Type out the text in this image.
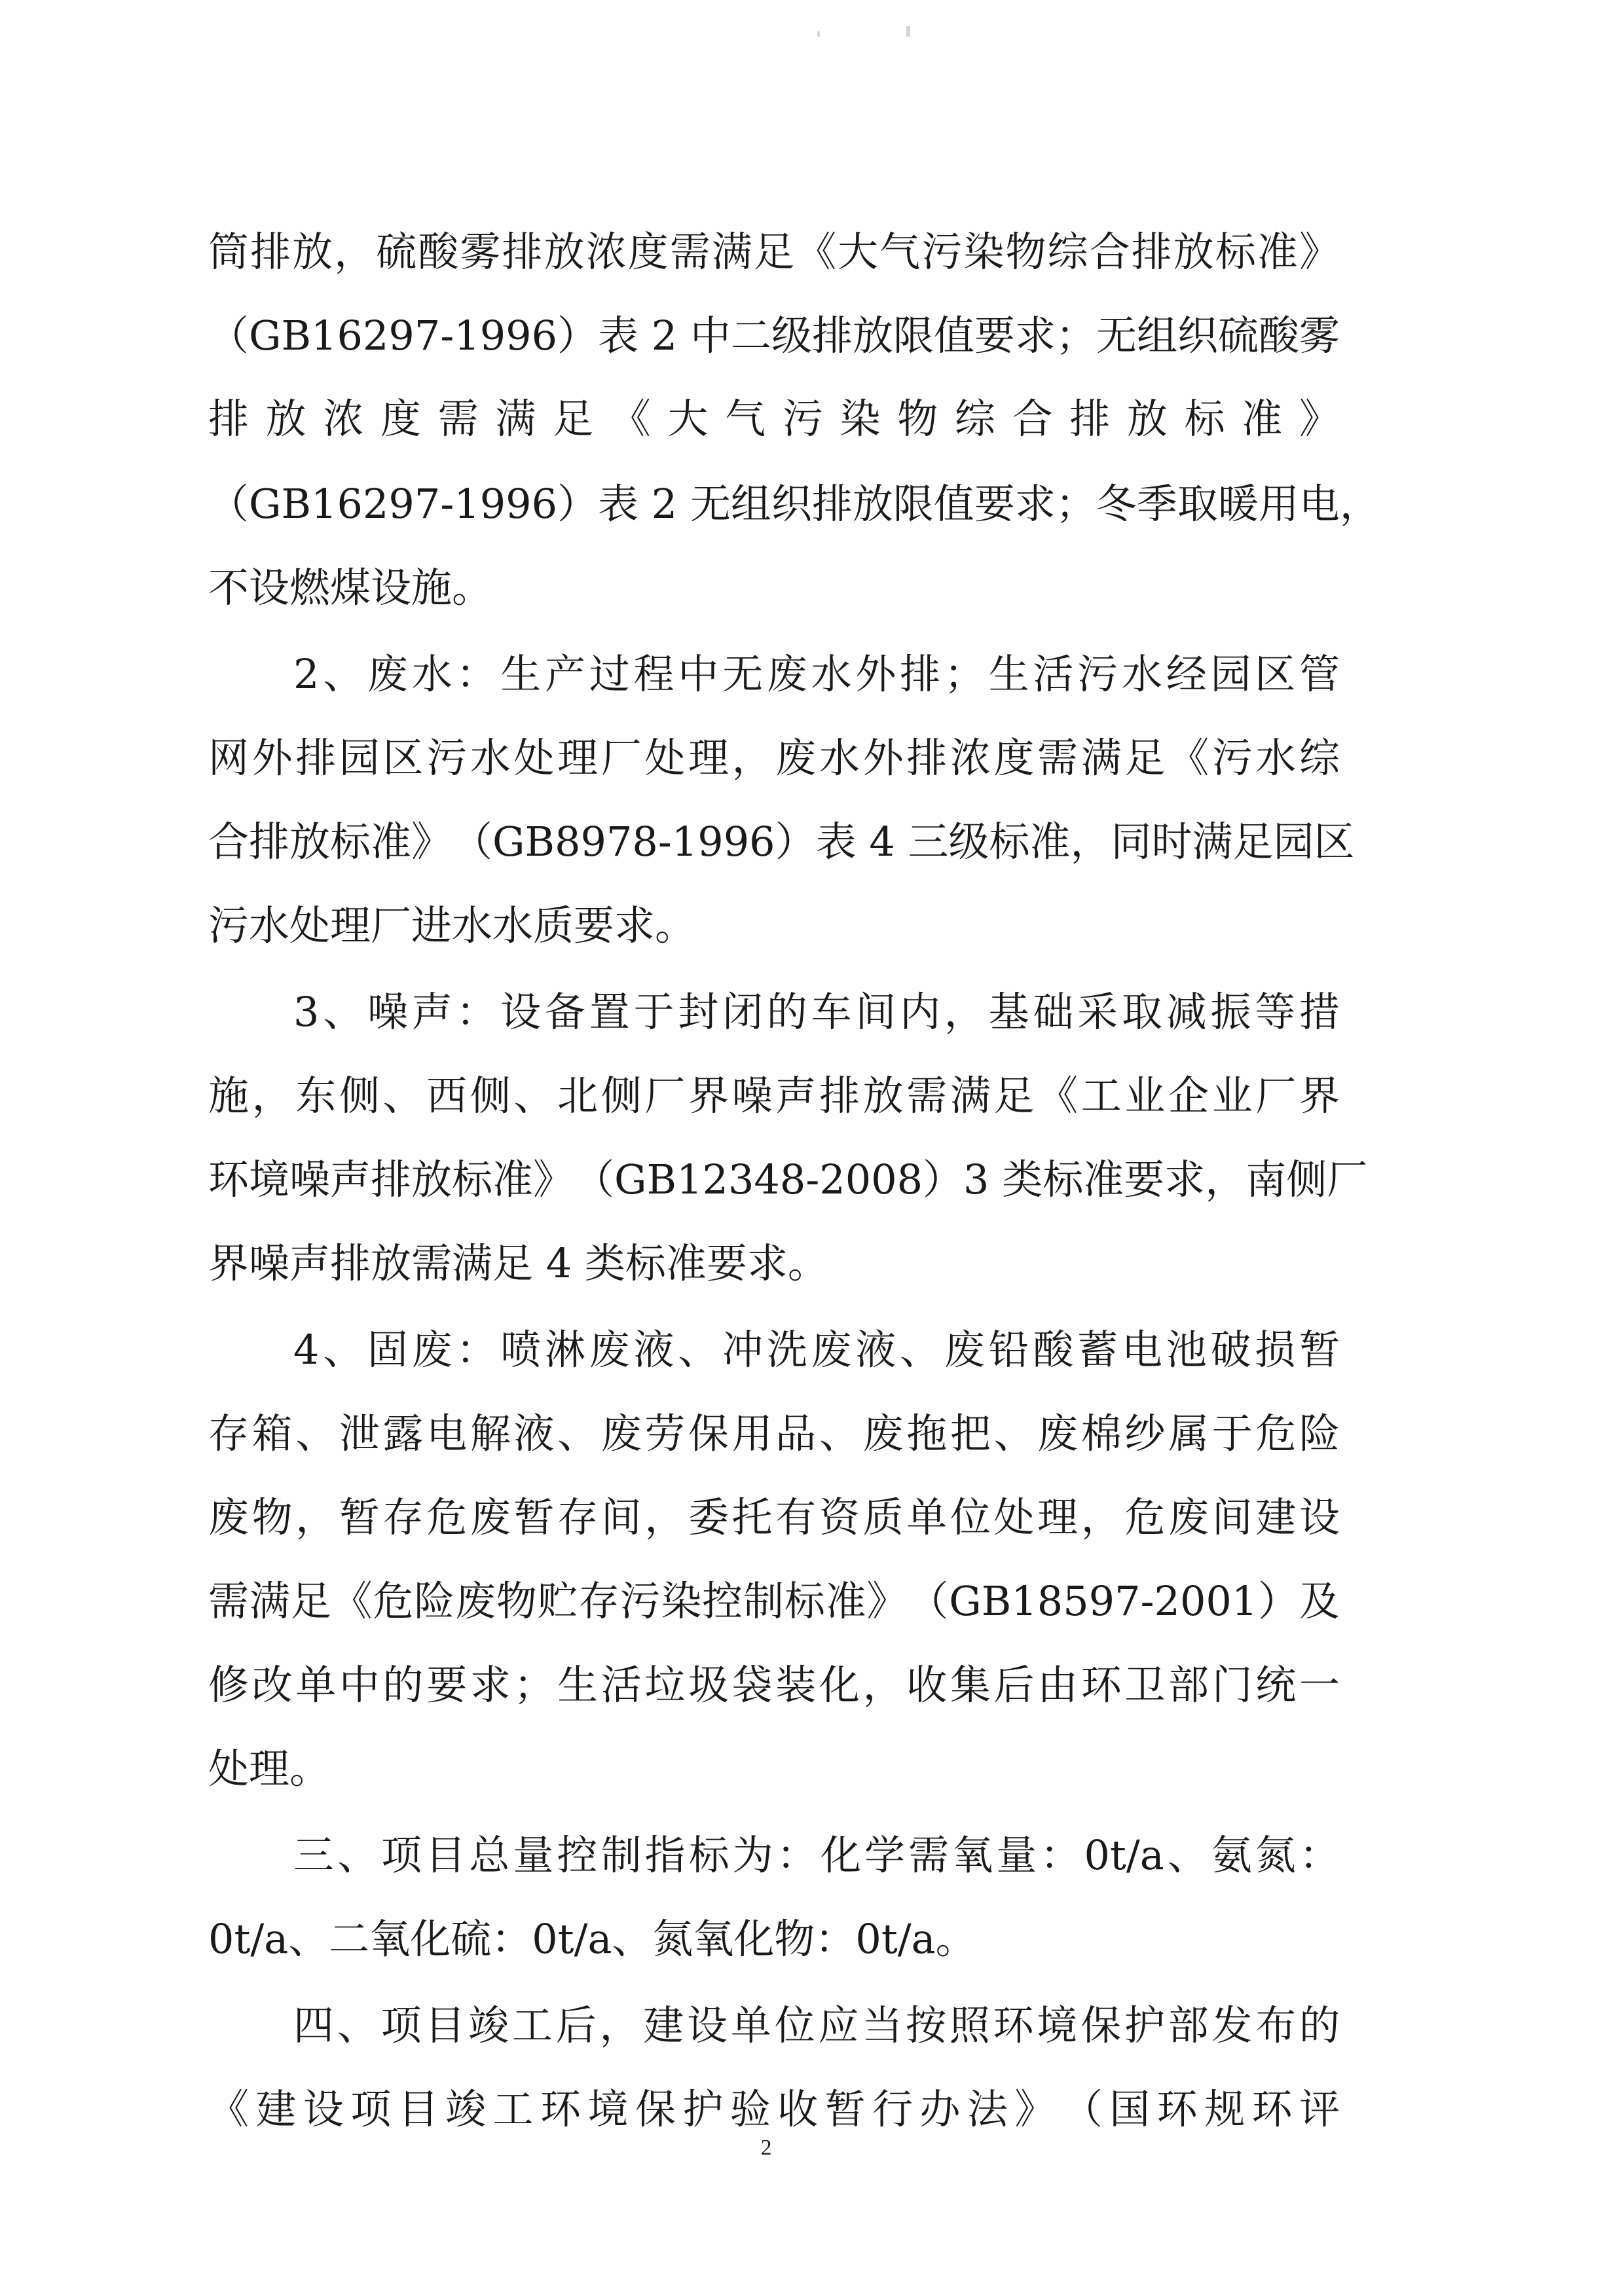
筒​排​放​，​硫​酸​雾​排​放​浓​度​需​满​足​《​大​气​污​染​物​综​合​排​放​标​准​》
（​G​B​1​6​2​9​7​-​1​9​9​6​）​表​ ​2​ ​中​二​级​排​放​限​值​要​求​；​无​组​织​硫​酸​雾
排​放​浓​度​需​满​足​《​大​气​污​染​物​综​合​排​放​标​准​》
（​G​B​1​6​2​9​7​-​1​9​9​6​）​表​ ​2​ ​无​组​织​排​放​限​值​要​求​；​冬​季​取​暖​用​电​，
不设燃煤设施。
2​、​废​水​：​生​产​过​程​中​无​废​水​外​排​；​生​活​污​水​经​园​区​管
网​外​排​园​区​污​水​处​理​厂​处​理​，​废​水​外​排​浓​度​需​满​足​《​污​水​综
合​排​放​标​准​》​（​G​B​8​9​7​8​-​1​9​9​6​）​表​ ​4​ ​三​级​标​准​，​同​时​满​足​园​区
污水处理厂进水水质要求。
3​、​噪​声​：​设​备​置​于​封​闭​的​车​间​内​，​基​础​采​取​减​振​等​措
施​，​东​侧​、​西​侧​、​北​侧​厂​界​噪​声​排​放​需​满​足​《​工​业​企​业​厂​界
环​境​噪​声​排​放​标​准​》​（​G​B​1​2​3​4​8​-​2​0​0​8​）​3​ ​类​标​准​要​求​，​南​侧​厂
界噪声排放需满足 4 类标准要求。
4​、​固​废​：​喷​淋​废​液​、​冲​洗​废​液​、​废​铅​酸​蓄​电​池​破​损​暂
存​箱​、​泄​露​电​解​液​、​废​劳​保​用​品​、​废​拖​把​、​废​棉​纱​属​于​危​险
废​物​，​暂​存​危​废​暂​存​间​，​委​托​有​资​质​单​位​处​理​，​危​废​间​建​设
需​满​足​《​危​险​废​物​贮​存​污​染​控​制​标​准​》​（​G​B​1​8​5​9​7​-​2​0​0​1​）​及
修​改​单​中​的​要​求​；​生​活​垃​圾​袋​装​化​，​收​集​后​由​环​卫​部​门​统​一
处理。
三​、​项​目​总​量​控​制​指​标​为​：​化​学​需​氧​量​：​0​t​/​a​、​氨​氮​：
0t/a、二氧化硫：0t/a、氮氧化物：0t/a。
四​、​项​目​竣​工​后​，​建​设​单​位​应​当​按​照​环​境​保​护​部​发​布​的
《​建​设​项​目​竣​工​环​境​保​护​验​收​暂​行​办​法​》​（​国​环​规​环​评
2
